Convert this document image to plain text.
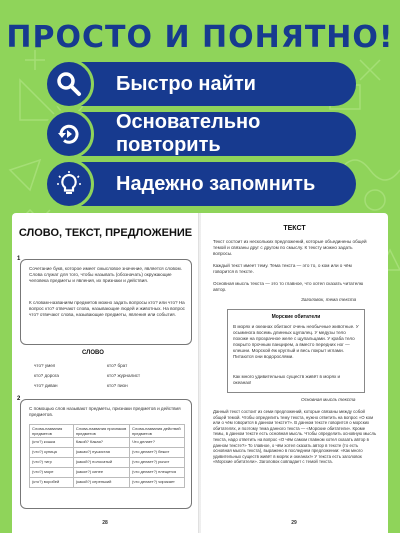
ПРОСТО И ПОНЯТНО!
Быстро найти
Основательно повторить
Надежно запомнить
СЛОВО, ТЕКСТ, ПРЕДЛОЖЕНИЕ
1
Сочетание букв, которое имеет смысловое значение, является словом. Слова служат для того, чтобы называть (обозначать) окружающие человека предметы и явления, их признаки и действия.
К словам-названиям предметов можно задать вопросы кто? или что? На вопрос кто? отвечают слова, называющие людей и животных. На вопрос что? отвечают слова, называющие предметы, явления или события.
СЛОВО
что? умел	кто? брат
кто? дорога	кто? журналист
что? диван	кто? пион
2
С помощью слов называют предметы, признаки предметов и действия предметов.
Слова-названия предметов	Слова-названия признаков предметов	Слова-названия действий предметов
(кто?) кошка	Какой? Какая?	Что делает?
(что?) куница	(какая?) пушистая	(что делает?) бежит
(что?) тигр	(какой?) полосатый	(что делает?) рычит
(что?) море	(какое?) синее	(что делает?) плещется
(кто?) воробей	(какой?) серенький	(что делает?) чирикает
28
ТЕКСТ
Текст состоит из нескольких предложений, которые объединены общей темой и связаны друг с другом по смыслу. К тексту можно задать вопросы.
Каждый текст имеет тему. Тема текста — это то, о ком или о чём говорится в тексте.
Основная мысль текста — это то главное, что хотел сказать читателю автор.
Заголовок, тема текста
Морские обитатели
В морях и океанах обитают очень необычные животные. У осьминога восемь длинных щупалец. У медузы тело похоже на прозрачное желе с щупальцами. У краба тело покрыто прочным панцирем, а вместо передних ног — клешни. Морской ёж круглый и весь покрыт иглами. Питаются они водорослями.
Как много удивительных существ живёт в морях и океанах!
Основная мысль текста
Данный текст состоит из семи предложений, которые связаны между собой общей темой. Чтобы определить тему текста, нужно ответить на вопрос «О ком или о чём говорится в данном тексте?». В данном тексте говорится о морских обитателях, и поэтому тема данного текста — «Морские обитатели». Кроме темы, в данном тексте есть основная мысль. Чтобы определить основную мысль текста, надо ответить на вопрос «О чём самом главном хотел сказать автор в данном тексте?» То главное, о чём хотел сказать автор в тексте (то есть основная мысль текста), выражено в последнем предложении: «Как много удивительных существ живёт в морях и океанах!» У текста есть заголовок «Морские обитатели». Заголовок совпадает с темой текста.
29
